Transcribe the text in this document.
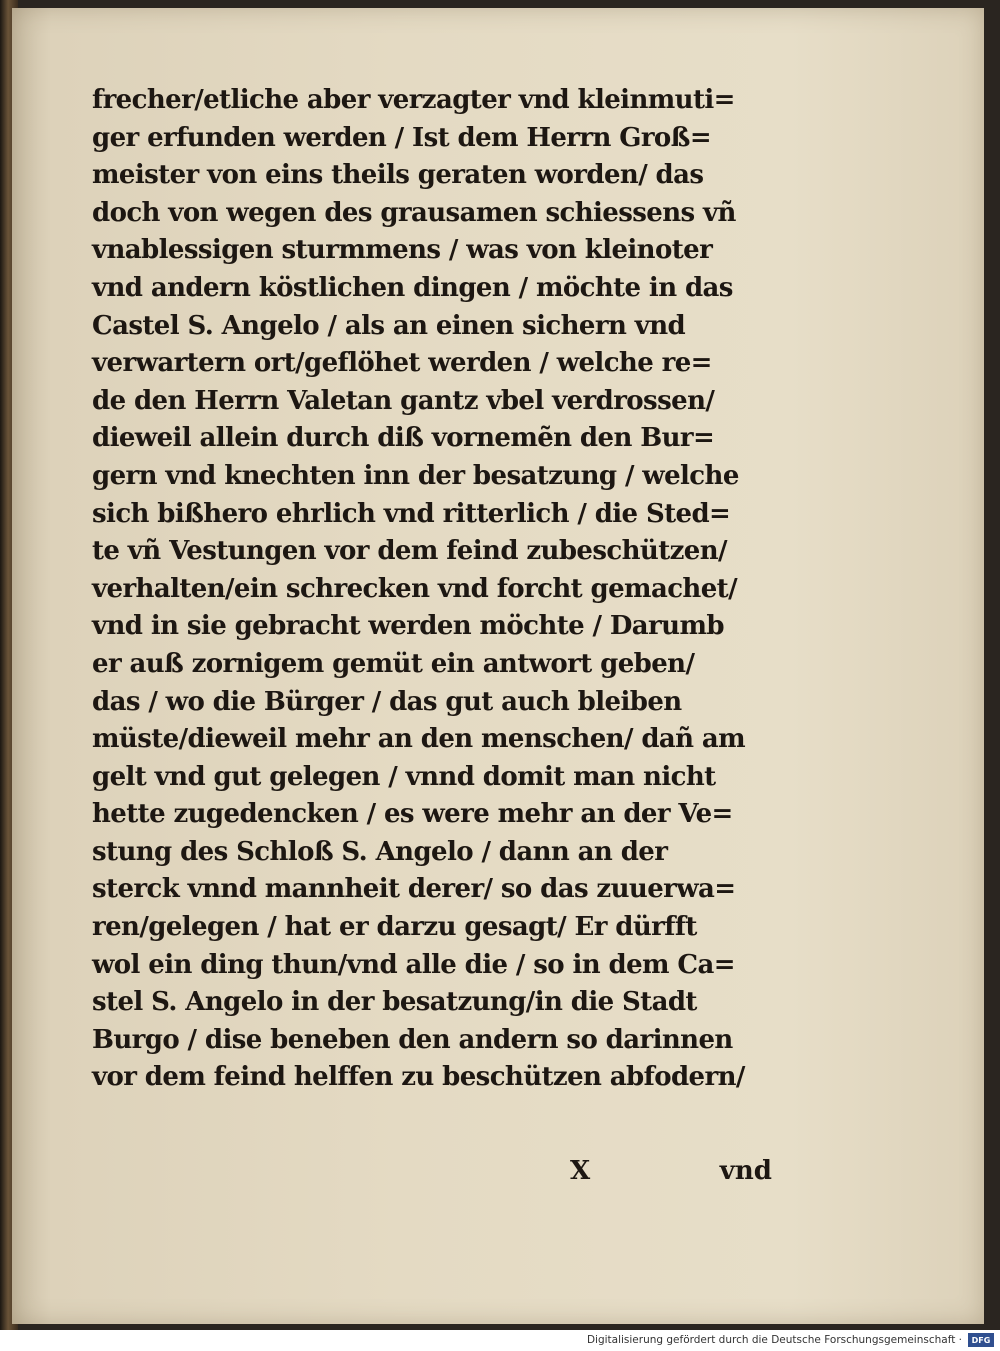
frecher/etliche aber verzagter vnd kleinmuti=
ger erfunden werden / Ist dem Herrn Groß=
meister von eins theils geraten worden/ das
doch von wegen des grausamen schiessens vñ
vnablessigen sturmmens / was von kleinoter
vnd andern köstlichen dingen / möchte in das
Castel S. Angelo / als an einen sichern vnd
verwartern ort/geflöhet werden / welche re=
de den Herrn Valetan gantz vbel verdrossen/
dieweil allein durch diß vornemẽn den Bur=
gern vnd knechten inn der besatzung / welche
sich bißhero ehrlich vnd ritterlich / die Sted=
te vñ Vestungen vor dem feind zubeschützen/
verhalten/ein schrecken vnd forcht gemachet/
vnd in sie gebracht werden möchte / Darumb
er auß zornigem gemüt ein antwort geben/
das / wo die Bürger / das gut auch bleiben
müste/dieweil mehr an den menschen/ dañ am
gelt vnd gut gelegen / vnnd domit man nicht
hette zugedencken / es were mehr an der Ve=
stung des Schloß S. Angelo / dann an der
sterck vnnd mannheit derer/ so das zuuerwa=
ren/gelegen / hat er darzu gesagt/ Er dürfft
wol ein ding thun/vnd alle die / so in dem Ca=
stel S. Angelo in der besatzung/in die Stadt
Burgo / dise beneben den andern so darinnen
vor dem feind helffen zu beschützen abfodern/
X	vnd
Digitalisierung gefördert durch die Deutsche Forschungsgemeinschaft · DFG
